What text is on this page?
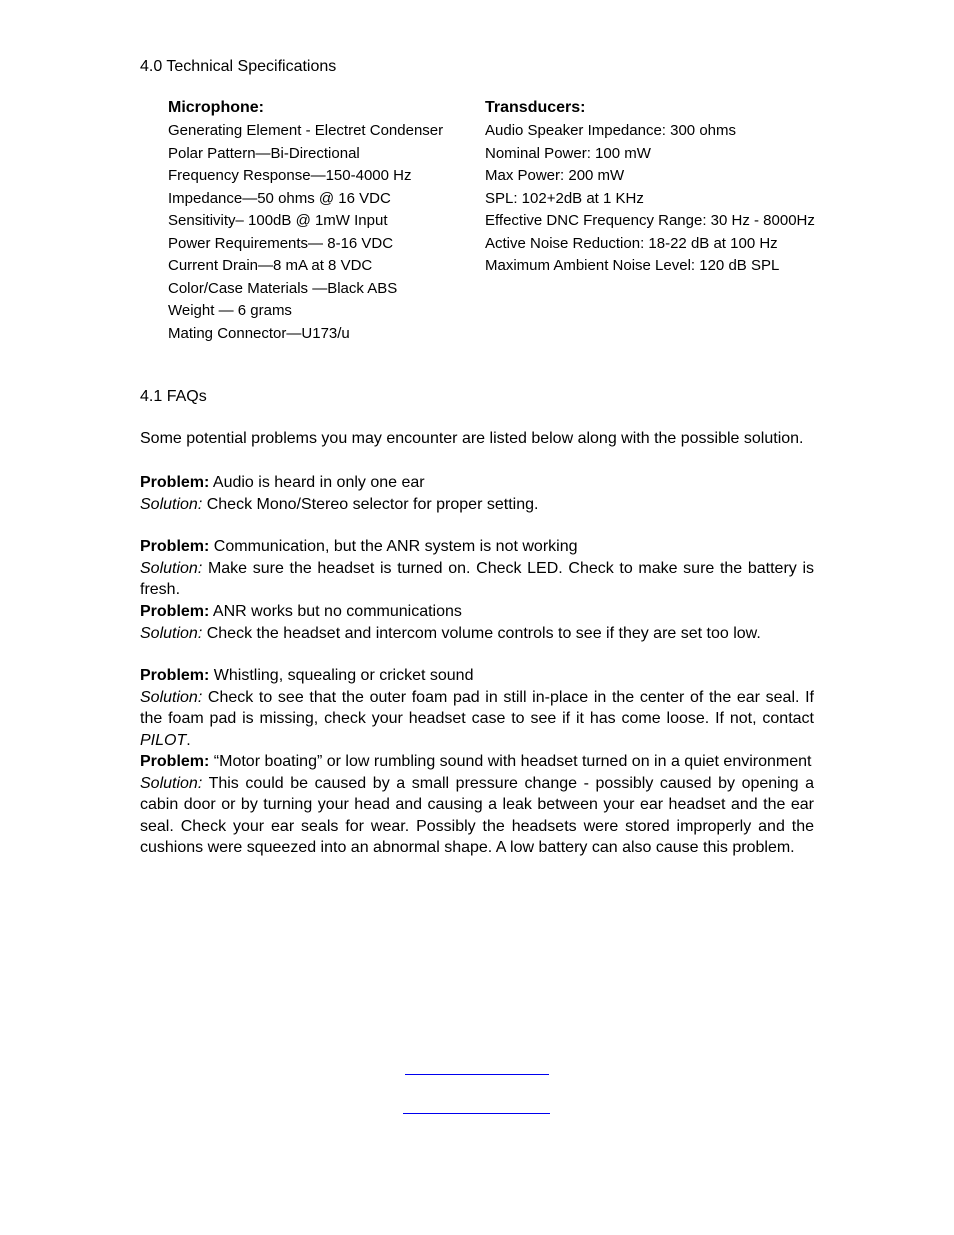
4.0 Technical Specifications
Microphone:
Generating Element - Electret Condenser
Polar Pattern—Bi-Directional
Frequency Response—150-4000 Hz
Impedance—50 ohms @ 16 VDC
Sensitivity– 100dB @ 1mW Input
Power Requirements— 8-16 VDC
Current Drain—8 mA at 8 VDC
Color/Case Materials —Black ABS
Weight — 6 grams
Mating Connector—U173/u
Transducers:
Audio Speaker Impedance: 300 ohms
Nominal Power: 100 mW
Max Power: 200 mW
SPL: 102+2dB at 1 KHz
Effective DNC Frequency Range: 30 Hz - 8000Hz
Active Noise Reduction: 18-22 dB at 100 Hz
Maximum Ambient Noise Level: 120 dB SPL
4.1 FAQs

Some potential problems you may encounter are listed below along with the possible solution.

Problem: Audio is heard in only one ear

Solution: Check Mono/Stereo selector for proper setting.

Problem: Communication, but the ANR system is not working

Solution: Make sure the headset is turned on. Check LED. Check to make sure the battery is fresh.

Problem: ANR works but no communications

Solution: Check the headset and intercom volume controls to see if they are set too low.

Problem: Whistling, squealing or cricket sound

Solution: Check to see that the outer foam pad in still in-place in the center of the ear seal. If the foam pad is missing, check your headset case to see if it has come loose. If not, contact PILOT.

Problem: “Motor boating” or low rumbling sound with headset turned on in a quiet environment

Solution: This could be caused by a small pressure change - possibly caused by opening a cabin door or by turning your head and causing a leak between your ear headset and the ear seal. Check your ear seals for wear. Possibly the headsets were stored improperly and the cushions were squeezed into an abnormal shape. A low battery can also cause this problem.
